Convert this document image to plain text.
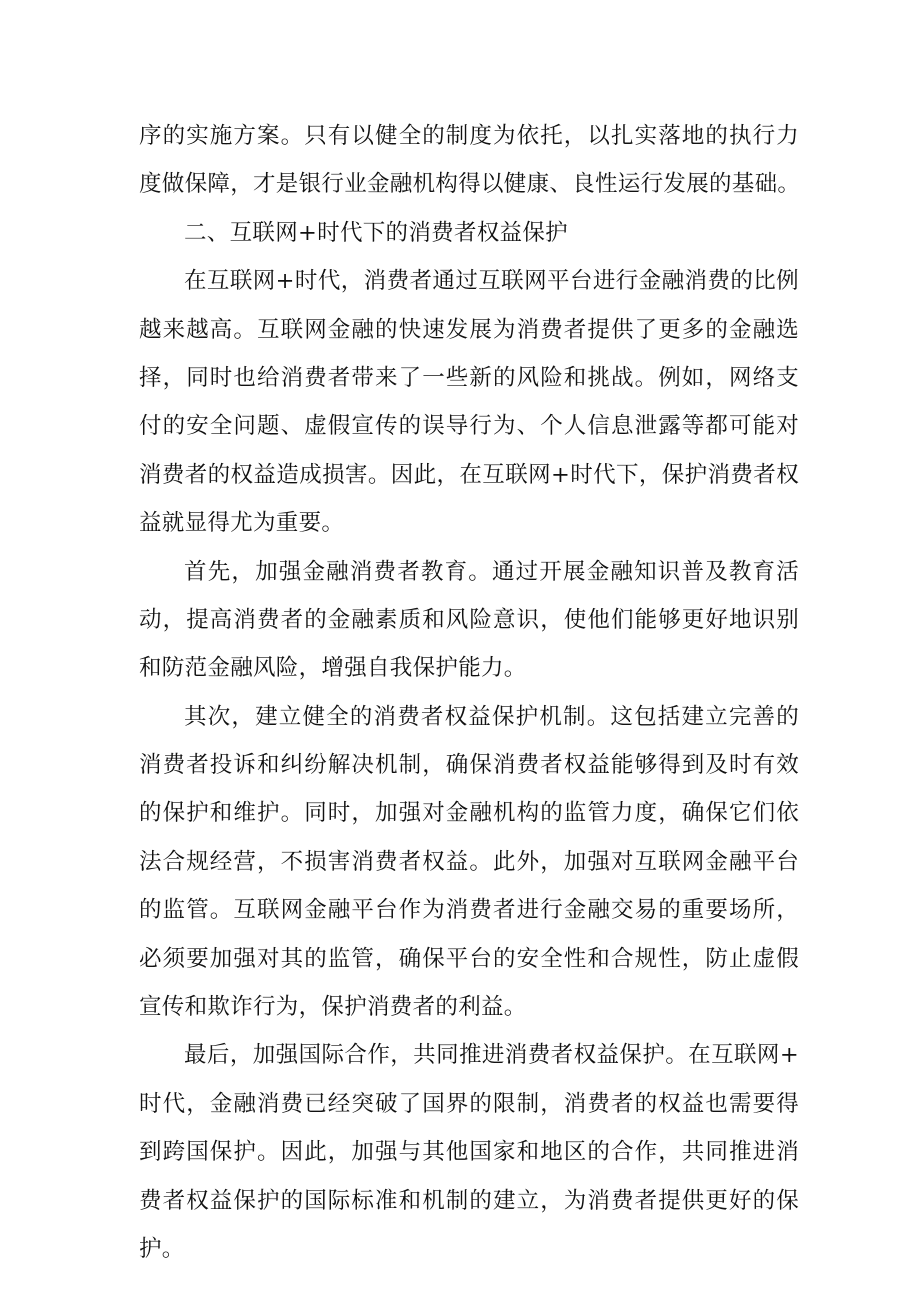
序的实施方案。只有以健全的制度为依托，以扎实落地的执行力
度做保障，才是银行业金融机构得以健康、良性运行发展的基础。
二、互联网+时代下的消费者权益保护
在互联网+时代，消费者通过互联网平台进行金融消费的比例
越来越高。互联网金融的快速发展为消费者提供了更多的金融选
择，同时也给消费者带来了一些新的风险和挑战。例如，网络支
付的安全问题、虚假宣传的误导行为、个人信息泄露等都可能对
消费者的权益造成损害。因此，在互联网+时代下，保护消费者权
益就显得尤为重要。
首先，加强金融消费者教育。通过开展金融知识普及教育活
动，提高消费者的金融素质和风险意识，使他们能够更好地识别
和防范金融风险，增强自我保护能力。
其次，建立健全的消费者权益保护机制。这包括建立完善的
消费者投诉和纠纷解决机制，确保消费者权益能够得到及时有效
的保护和维护。同时，加强对金融机构的监管力度，确保它们依
法合规经营，不损害消费者权益。此外，加强对互联网金融平台
的监管。互联网金融平台作为消费者进行金融交易的重要场所，
必须要加强对其的监管，确保平台的安全性和合规性，防止虚假
宣传和欺诈行为，保护消费者的利益。
最后，加强国际合作，共同推进消费者权益保护。在互联网+
时代，金融消费已经突破了国界的限制，消费者的权益也需要得
到跨国保护。因此，加强与其他国家和地区的合作，共同推进消
费者权益保护的国际标准和机制的建立，为消费者提供更好的保
护。
